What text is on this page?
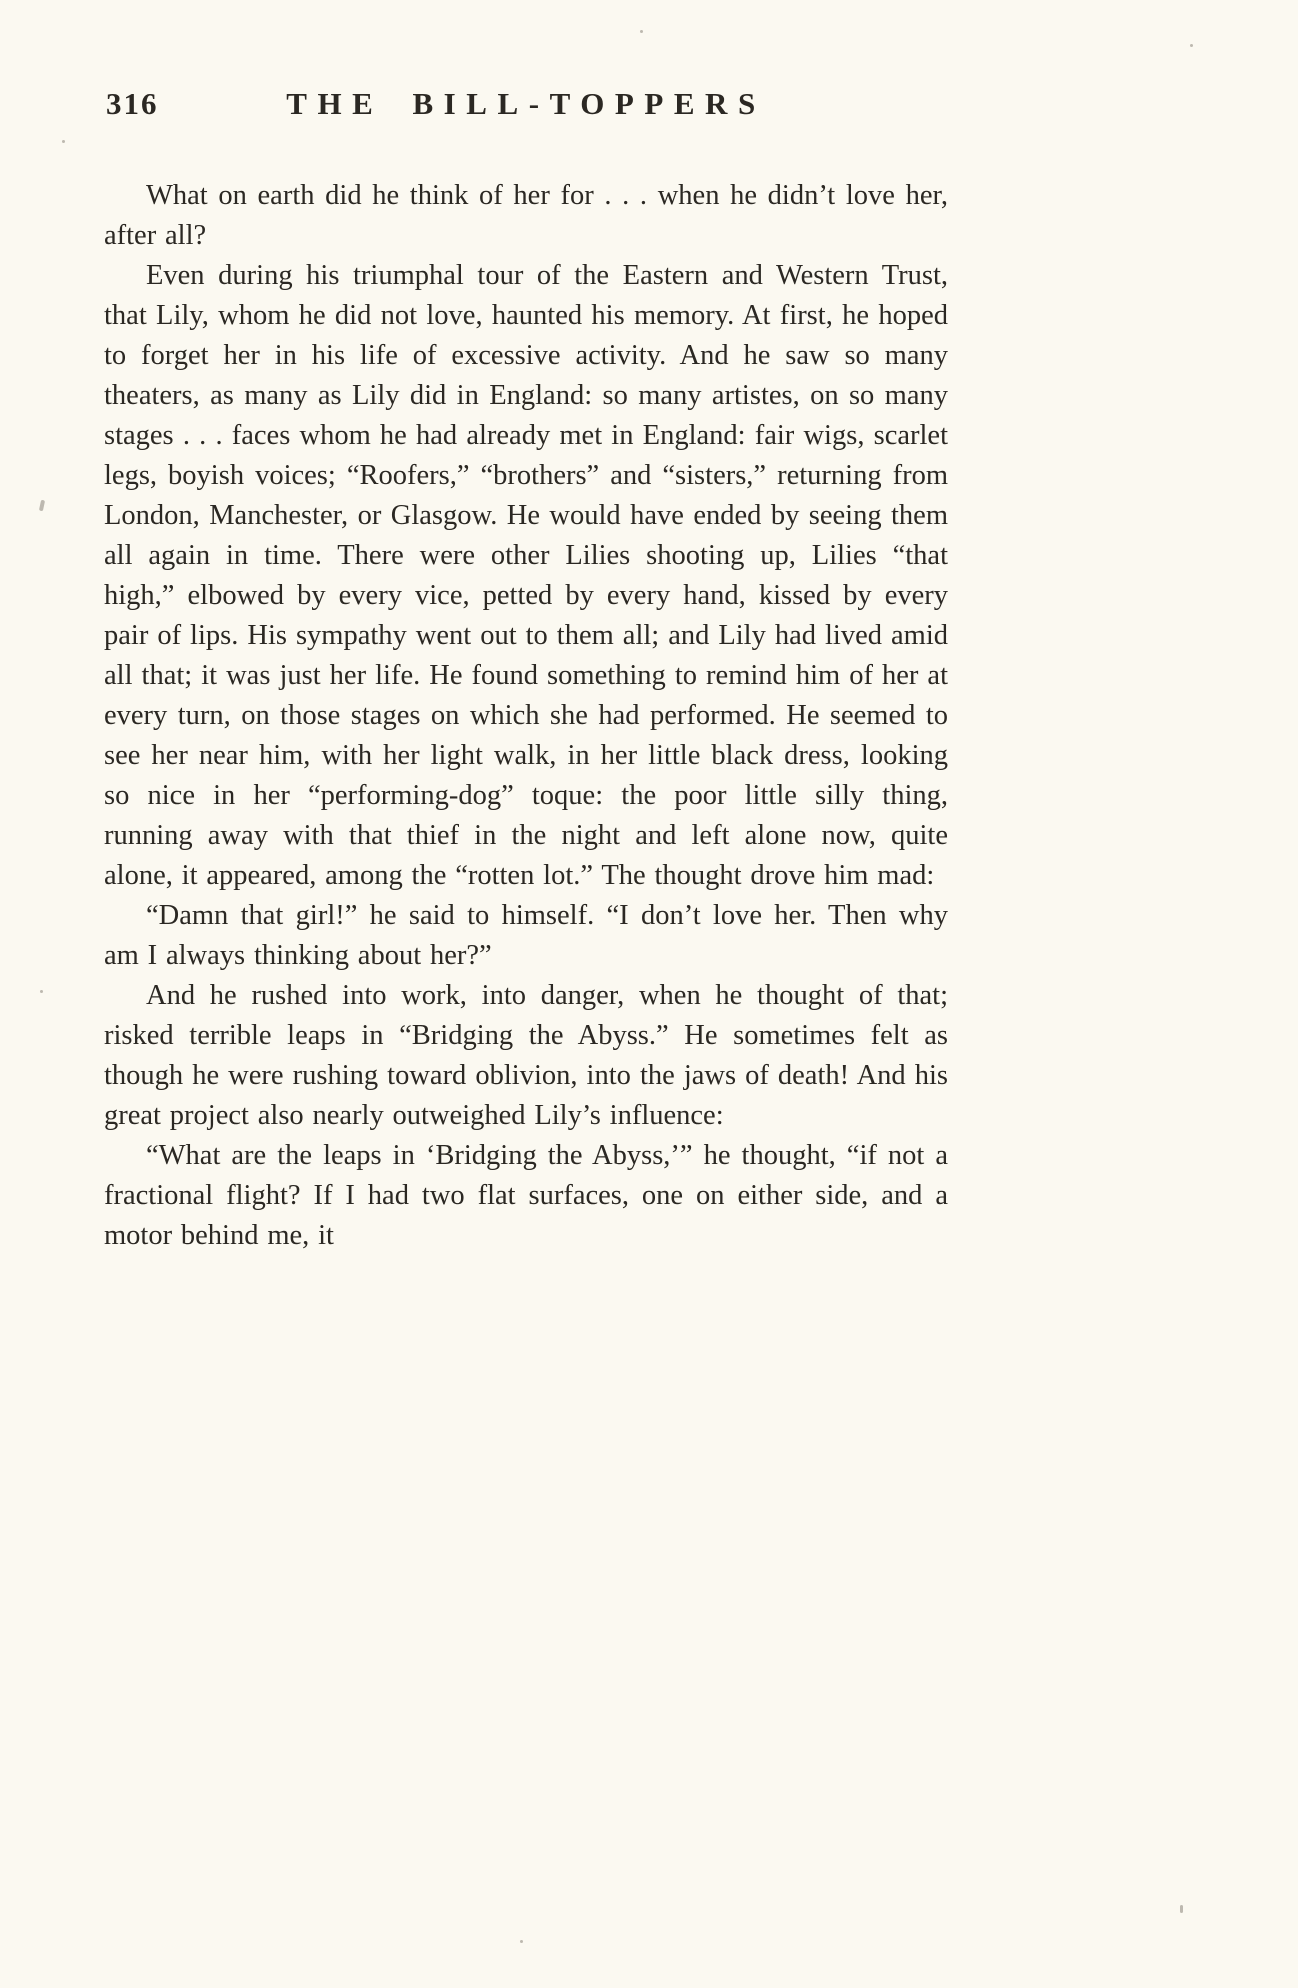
316	THE BILL-TOPPERS

What on earth did he think of her for . . . when he didn’t love her, after all?

Even during his triumphal tour of the Eastern and Western Trust, that Lily, whom he did not love, haunted his memory. At first, he hoped to forget her in his life of excessive activity. And he saw so many theaters, as many as Lily did in England: so many artistes, on so many stages . . . faces whom he had already met in England: fair wigs, scarlet legs, boyish voices; “Roofers,” “brothers” and “sisters,” returning from London, Manchester, or Glasgow. He would have ended by seeing them all again in time. There were other Lilies shooting up, Lilies “that high,” elbowed by every vice, petted by every hand, kissed by every pair of lips. His sympathy went out to them all; and Lily had lived amid all that; it was just her life. He found something to remind him of her at every turn, on those stages on which she had performed. He seemed to see her near him, with her light walk, in her little black dress, looking so nice in her “performing-dog” toque: the poor little silly thing, running away with that thief in the night and left alone now, quite alone, it appeared, among the “rotten lot.” The thought drove him mad:

“Damn that girl!” he said to himself. “I don’t love her. Then why am I always thinking about her?”

And he rushed into work, into danger, when he thought of that; risked terrible leaps in “Bridging the Abyss.” He sometimes felt as though he were rushing toward oblivion, into the jaws of death! And his great project also nearly outweighed Lily’s influence:

“What are the leaps in ‘Bridging the Abyss,’” he thought, “if not a fractional flight? If I had two flat surfaces, one on either side, and a motor behind me, it
